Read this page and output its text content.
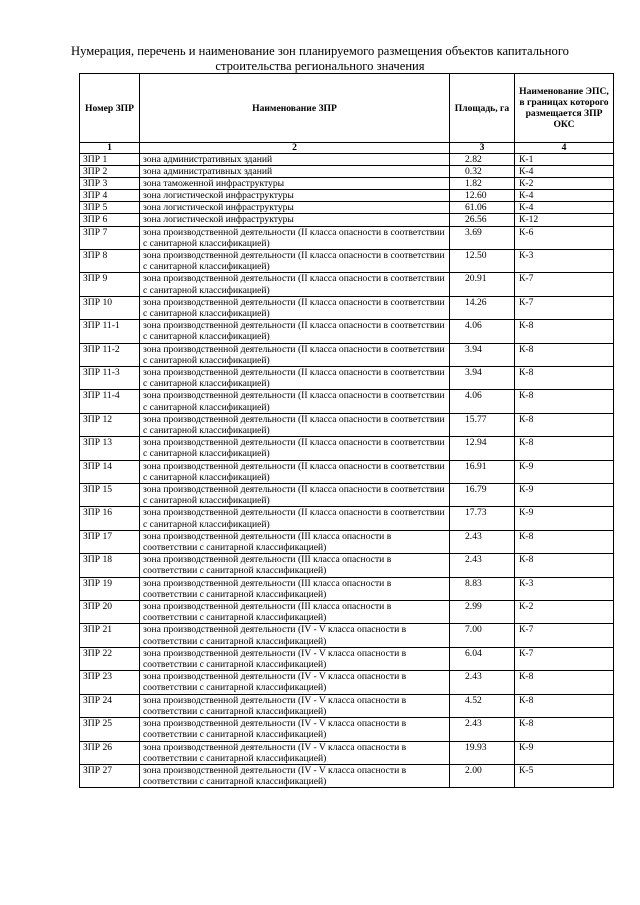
Нумерация, перечень и наименование зон планируемого размещения объектов капитального строительства регионального значения
Номер ЗПР	Наименование ЗПР	Площадь, га	Наименование ЭПС, в границах которого размещается ЗПР ОКС
1	2	3	4
ЗПР 1	зона административных зданий	2.82	К-1
ЗПР 2	зона административных зданий	0.32	К-4
ЗПР 3	зона таможенной инфраструктуры	1.82	К-2
ЗПР 4	зона логистической инфраструктуры	12.60	К-4
ЗПР 5	зона логистической инфраструктуры	61.06	К-4
ЗПР 6	зона логистической инфраструктуры	26.56	К-12
ЗПР 7	зона производственной деятельности (II класса опасности в соответствии с санитарной классификацией)	3.69	К-6
ЗПР 8	зона производственной деятельности (II класса опасности в соответствии с санитарной классификацией)	12.50	К-3
ЗПР 9	зона производственной деятельности (II класса опасности в соответствии с санитарной классификацией)	20.91	К-7
ЗПР 10	зона производственной деятельности (II класса опасности в соответствии с санитарной классификацией)	14.26	К-7
ЗПР 11-1	зона производственной деятельности (II класса опасности в соответствии с санитарной классификацией)	4.06	К-8
ЗПР 11-2	зона производственной деятельности (II класса опасности в соответствии с санитарной классификацией)	3.94	К-8
ЗПР 11-3	зона производственной деятельности (II класса опасности в соответствии с санитарной классификацией)	3.94	К-8
ЗПР 11-4	зона производственной деятельности (II класса опасности в соответствии с санитарной классификацией)	4.06	К-8
ЗПР 12	зона производственной деятельности (II класса опасности в соответствии с санитарной классификацией)	15.77	К-8
ЗПР 13	зона производственной деятельности (II класса опасности в соответствии с санитарной классификацией)	12.94	К-8
ЗПР 14	зона производственной деятельности (II класса опасности в соответствии с санитарной классификацией)	16.91	К-9
ЗПР 15	зона производственной деятельности (II класса опасности в соответствии с санитарной классификацией)	16.79	К-9
ЗПР 16	зона производственной деятельности (II класса опасности в соответствии с санитарной классификацией)	17.73	К-9
ЗПР 17	зона производственной деятельности (III класса опасности в соответствии с санитарной классификацией)	2.43	К-8
ЗПР 18	зона производственной деятельности (III класса опасности в соответствии с санитарной классификацией)	2.43	К-8
ЗПР 19	зона производственной деятельности (III класса опасности в соответствии с санитарной классификацией)	8.83	К-3
ЗПР 20	зона производственной деятельности (III класса опасности в соответствии с санитарной классификацией)	2.99	К-2
ЗПР 21	зона производственной деятельности (IV - V класса опасности в соответствии с санитарной классификацией)	7.00	К-7
ЗПР 22	зона производственной деятельности (IV - V класса опасности в соответствии с санитарной классификацией)	6.04	К-7
ЗПР 23	зона производственной деятельности (IV - V класса опасности в соответствии с санитарной классификацией)	2.43	К-8
ЗПР 24	зона производственной деятельности (IV - V класса опасности в соответствии с санитарной классификацией)	4.52	К-8
ЗПР 25	зона производственной деятельности (IV - V класса опасности в соответствии с санитарной классификацией)	2.43	К-8
ЗПР 26	зона производственной деятельности (IV - V класса опасности в соответствии с санитарной классификацией)	19.93	К-9
ЗПР 27	зона производственной деятельности (IV - V класса опасности в соответствии с санитарной классификацией)	2.00	К-5
